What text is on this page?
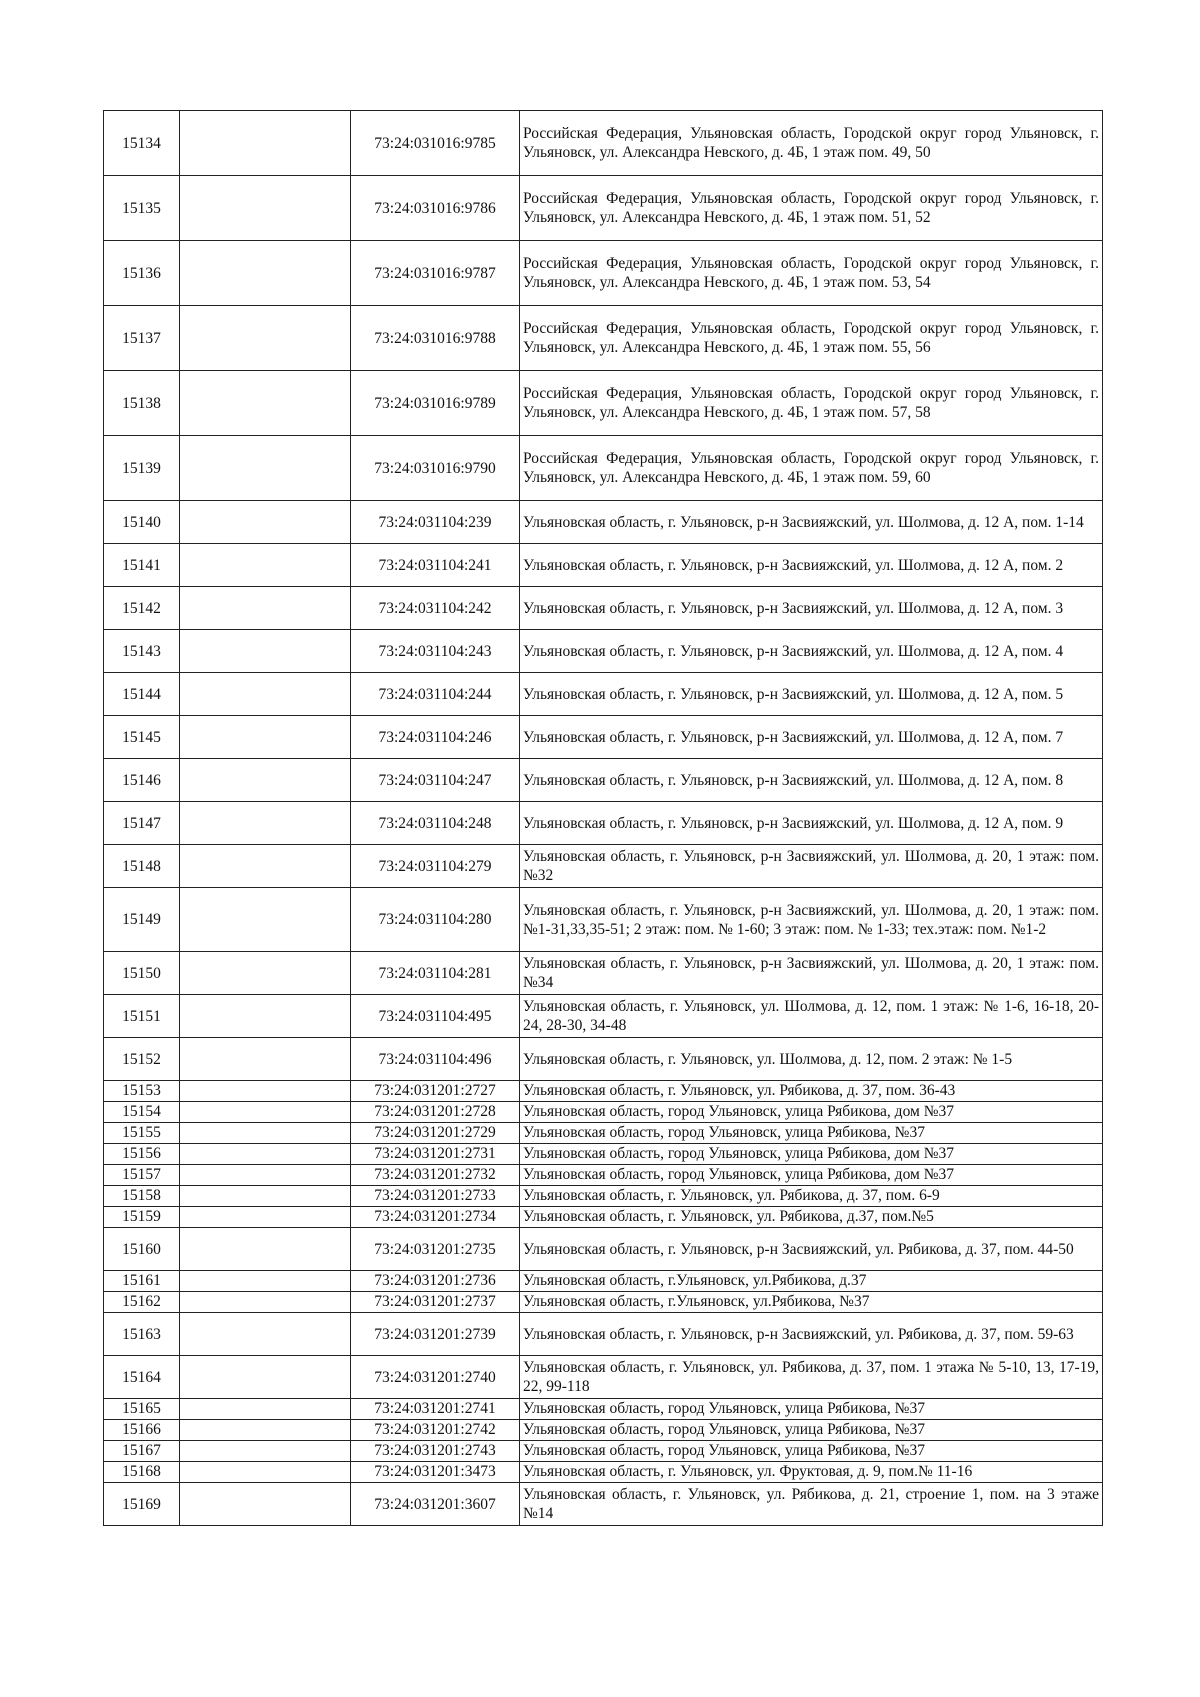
15134		73:24:031016:9785	Российская Федерация, Ульяновская область, Городской округ город Ульяновск, г. Ульяновск, ул. Александра Невского, д. 4Б, 1 этаж пом. 49, 50
15135		73:24:031016:9786	Российская Федерация, Ульяновская область, Городской округ город Ульяновск, г. Ульяновск, ул. Александра Невского, д. 4Б, 1 этаж пом. 51, 52
15136		73:24:031016:9787	Российская Федерация, Ульяновская область, Городской округ город Ульяновск, г. Ульяновск, ул. Александра Невского, д. 4Б, 1 этаж пом. 53, 54
15137		73:24:031016:9788	Российская Федерация, Ульяновская область, Городской округ город Ульяновск, г. Ульяновск, ул. Александра Невского, д. 4Б, 1 этаж пом. 55, 56
15138		73:24:031016:9789	Российская Федерация, Ульяновская область, Городской округ город Ульяновск, г. Ульяновск, ул. Александра Невского, д. 4Б, 1 этаж пом. 57, 58
15139		73:24:031016:9790	Российская Федерация, Ульяновская область, Городской округ город Ульяновск, г. Ульяновск, ул. Александра Невского, д. 4Б, 1 этаж пом. 59, 60
15140		73:24:031104:239	Ульяновская область, г. Ульяновск, р-н Засвияжский, ул. Шолмова, д. 12 А, пом. 1-14
15141		73:24:031104:241	Ульяновская область, г. Ульяновск, р-н Засвияжский, ул. Шолмова, д. 12 А, пом. 2
15142		73:24:031104:242	Ульяновская область, г. Ульяновск, р-н Засвияжский, ул. Шолмова, д. 12 А, пом. 3
15143		73:24:031104:243	Ульяновская область, г. Ульяновск, р-н Засвияжский, ул. Шолмова, д. 12 А, пом. 4
15144		73:24:031104:244	Ульяновская область, г. Ульяновск, р-н Засвияжский, ул. Шолмова, д. 12 А, пом. 5
15145		73:24:031104:246	Ульяновская область, г. Ульяновск, р-н Засвияжский, ул. Шолмова, д. 12 А, пом. 7
15146		73:24:031104:247	Ульяновская область, г. Ульяновск, р-н Засвияжский, ул. Шолмова, д. 12 А, пом. 8
15147		73:24:031104:248	Ульяновская область, г. Ульяновск, р-н Засвияжский, ул. Шолмова, д. 12 А, пом. 9
15148		73:24:031104:279	Ульяновская область, г. Ульяновск, р-н Засвияжский, ул. Шолмова, д. 20, 1 этаж: пом.№32
15149		73:24:031104:280	Ульяновская область, г. Ульяновск, р-н Засвияжский, ул. Шолмова, д. 20, 1 этаж: пом.№1-31,33,35-51; 2 этаж: пом. № 1-60; 3 этаж: пом. № 1-33; тех.этаж: пом. №1-2
15150		73:24:031104:281	Ульяновская область, г. Ульяновск, р-н Засвияжский, ул. Шолмова, д. 20, 1 этаж: пом.№34
15151		73:24:031104:495	Ульяновская область, г. Ульяновск, ул. Шолмова, д. 12, пом. 1 этаж: № 1-6, 16-18, 20-24, 28-30, 34-48
15152		73:24:031104:496	Ульяновская область, г. Ульяновск, ул. Шолмова, д. 12, пом. 2 этаж: № 1-5
15153		73:24:031201:2727	Ульяновская область, г. Ульяновск, ул. Рябикова, д. 37, пом. 36-43
15154		73:24:031201:2728	Ульяновская область, город Ульяновск, улица Рябикова, дом №37
15155		73:24:031201:2729	Ульяновская область, город Ульяновск, улица Рябикова, №37
15156		73:24:031201:2731	Ульяновская область, город Ульяновск, улица Рябикова, дом №37
15157		73:24:031201:2732	Ульяновская область, город Ульяновск, улица Рябикова, дом №37
15158		73:24:031201:2733	Ульяновская область, г. Ульяновск, ул. Рябикова, д. 37, пом. 6-9
15159		73:24:031201:2734	Ульяновская область, г. Ульяновск, ул. Рябикова, д.37, пом.№5
15160		73:24:031201:2735	Ульяновская область, г. Ульяновск, р-н Засвияжский, ул. Рябикова, д. 37, пом. 44-50
15161		73:24:031201:2736	Ульяновская область, г.Ульяновск, ул.Рябикова, д.37
15162		73:24:031201:2737	Ульяновская область, г.Ульяновск, ул.Рябикова, №37
15163		73:24:031201:2739	Ульяновская область, г. Ульяновск, р-н Засвияжский, ул. Рябикова, д. 37, пом. 59-63
15164		73:24:031201:2740	Ульяновская область, г. Ульяновск, ул. Рябикова, д. 37, пом. 1 этажа № 5-10, 13, 17-19, 22, 99-118
15165		73:24:031201:2741	Ульяновская область, город Ульяновск, улица Рябикова, №37
15166		73:24:031201:2742	Ульяновская область, город Ульяновск, улица Рябикова, №37
15167		73:24:031201:2743	Ульяновская область, город Ульяновск, улица Рябикова, №37
15168		73:24:031201:3473	Ульяновская область, г. Ульяновск, ул. Фруктовая, д. 9, пом.№ 11-16
15169		73:24:031201:3607	Ульяновская область, г. Ульяновск, ул. Рябикова, д. 21, строение 1, пом. на 3 этаже №14
